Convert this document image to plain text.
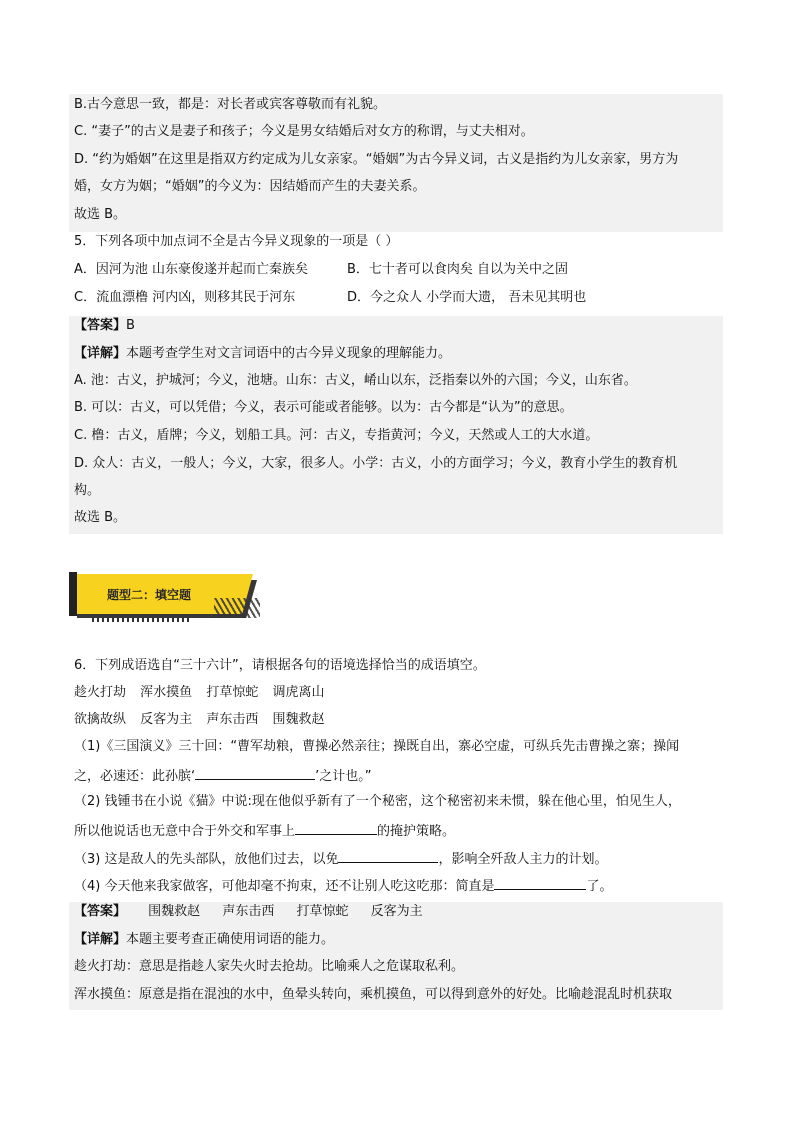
B.古今意思一致，都是：对长者或宾客尊敬而有礼貌。
C. “妻子”的古义是妻子和孩子；今义是男女结婚后对女方的称谓，与丈夫相对。
D. “约为婚姻”在这里是指双方约定成为儿女亲家。“婚姻”为古今异义词，古义是指约为儿女亲家，男方为
婚，女方为姻；“婚姻”的今义为：因结婚而产生的夫妻关系。
故选 B。
5．下列各项中加点词不全是古今异义现象的一项是（ ）
A．因河为池 山东豪俊遂并起而亡秦族矣	B．七十者可以食肉矣 自以为关中之固
C．流血漂橹 河内凶，则移其民于河东	D．今之众人 小学而大遗， 吾未见其明也
【答案】B
【详解】本题考查学生对文言词语中的古今异义现象的理解能力。
A. 池：古义，护城河；今义，池塘。山东：古义，崤山以东，泛指秦以外的六国；今义，山东省。
B. 可以：古义，可以凭借；今义，表示可能或者能够。以为：古今都是“认为”的意思。
C. 橹：古义，盾牌；今义，划船工具。河：古义，专指黄河；今义，天然或人工的大水道。
D. 众人：古义，一般人；今义，大家，很多人。小学：古义，小的方面学习；今义，教育小学生的教育机
构。
故选 B。
题型二：填空题
6．下列成语选自“三十六计”，请根据各句的语境选择恰当的成语填空。
趁火打劫 浑水摸鱼 打草惊蛇 调虎离山
欲擒故纵 反客为主 声东击西 围魏救赵
（1)《三国演义》三十回：“曹军劫粮，曹操必然亲往；操既自出，寨必空虚，可纵兵先击曹操之寨；操闻
之，必速还：此孙膑‘	’之计也。”
（2) 钱锺书在小说《猫》中说:现在他似乎新有了一个秘密，这个秘密初来未惯，躲在他心里，怕见生人，
所以他说话也无意中合于外交和军事上	的掩护策略。
（3) 这是敌人的先头部队，放他们过去，以免	，影响全歼敌人主力的计划。
（4) 今天他来我家做客，可他却毫不拘束，还不让别人吃这吃那：简直是	了。
【答案】 围魏救赵 声东击西 打草惊蛇 反客为主
【详解】本题主要考查正确使用词语的能力。
趁火打劫：意思是指趁人家失火时去抢劫。比喻乘人之危谋取私利。
浑水摸鱼：原意是指在混浊的水中，鱼晕头转向，乘机摸鱼，可以得到意外的好处。比喻趁混乱时机获取
